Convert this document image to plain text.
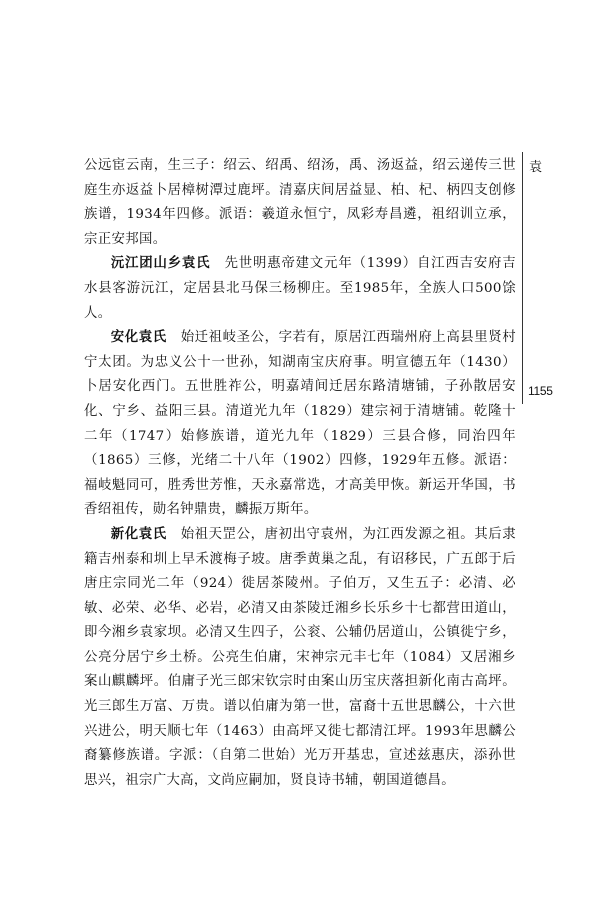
袁
1155

公远宦云南，生三子：绍云、绍禹、绍汤，禹、汤返益，绍云递传三世庭生亦返益卜居樟树潭过鹿坪。清嘉庆间居益显、柏、杞、柄四支创修族谱，1934年四修。派语：羲道永恒宁，凤彩寿昌遴，祖绍训立承，宗正安邦国。

沅江团山乡袁氏　 先世明惠帝建文元年（1399）自江西吉安府吉水县客游沅江，定居县北马保三杨柳庄。至1985年，全族人口500馀人。

安化袁氏　 始迁祖岐圣公，字若有，原居江西瑞州府上高县里贤村宁太团。为忠义公十一世孙，知湖南宝庆府事。明宣德五年（1430）卜居安化西门。五世胜祚公，明嘉靖间迁居东路清塘铺，子孙散居安化、宁乡、益阳三县。清道光九年（1829）建宗祠于清塘铺。乾隆十二年（1747）始修族谱，道光九年（1829）三县合修，同治四年（1865）三修，光绪二十八年（1902）四修，1929年五修。派语：福岐魁同可，胜秀世芳惟，天永嘉常选，才高美甲恢。新运开华国，书香绍祖传，勋名钟鼎贵，麟振万斯年。

新化袁氏　 始祖天罡公，唐初出守袁州，为江西发源之祖。其后隶籍吉州泰和圳上早禾渡梅子坡。唐季黄巢之乱，有诏移民，广五郎于后唐庄宗同光二年（924）徙居茶陵州。子伯万，又生五子：必清、必敏、必荣、必华、必岩，必清又由茶陵迁湘乡长乐乡十七都营田道山，即今湘乡袁家坝。必清又生四子，公衮、公辅仍居道山，公镇徙宁乡，公亮分居宁乡土桥。公亮生伯庸，宋神宗元丰七年（1084）又居湘乡案山麒麟坪。伯庸子光三郎宋钦宗时由案山历宝庆落担新化南古高坪。光三郎生万富、万贵。谱以伯庸为第一世，富裔十五世思麟公，十六世兴进公，明天顺七年（1463）由高坪又徙七都清江坪。1993年思麟公裔纂修族谱。字派：（自第二世始）光万开基忠，宣述兹惠庆，添孙世思兴，祖宗广大高，文尚应嗣加，贤良诗书辅，朝国道德昌。
